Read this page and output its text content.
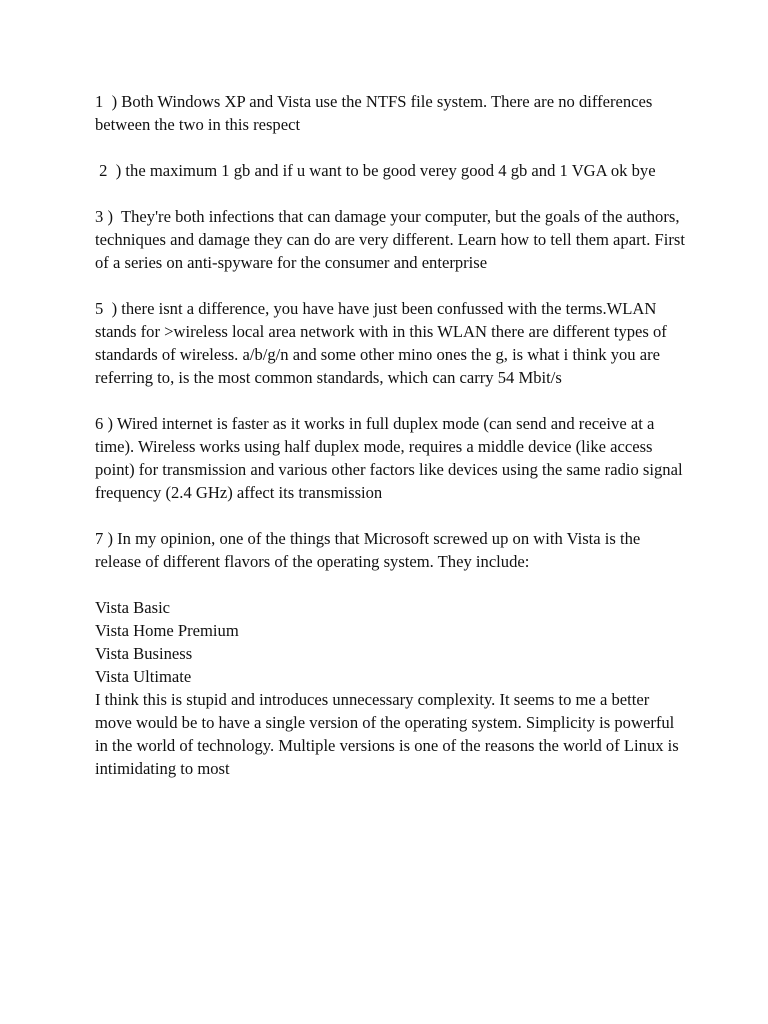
1  ) Both Windows XP and Vista use the NTFS file system. There are no differences between the two in this respect

2  ) the maximum 1 gb and if u want to be good verey good 4 gb and 1 VGA ok bye

3 )  They're both infections that can damage your computer, but the goals of the authors, techniques and damage they can do are very different. Learn how to tell them apart. First of a series on anti-spyware for the consumer and enterprise

5  ) there isnt a difference, you have have just been confussed with the terms.WLAN stands for >wireless local area network with in this WLAN there are different types of standards of wireless. a/b/g/n and some other mino ones the g, is what i think you are referring to, is the most common standards, which can carry 54 Mbit/s

6 ) Wired internet is faster as it works in full duplex mode (can send and receive at a time). Wireless works using half duplex mode, requires a middle device (like access point) for transmission and various other factors like devices using the same radio signal frequency (2.4 GHz) affect its transmission

7 ) In my opinion, one of the things that Microsoft screwed up on with Vista is the release of different flavors of the operating system. They include:

Vista Basic
Vista Home Premium
Vista Business
Vista Ultimate

I think this is stupid and introduces unnecessary complexity. It seems to me a better move would be to have a single version of the operating system. Simplicity is powerful in the world of technology. Multiple versions is one of the reasons the world of Linux is intimidating to most
